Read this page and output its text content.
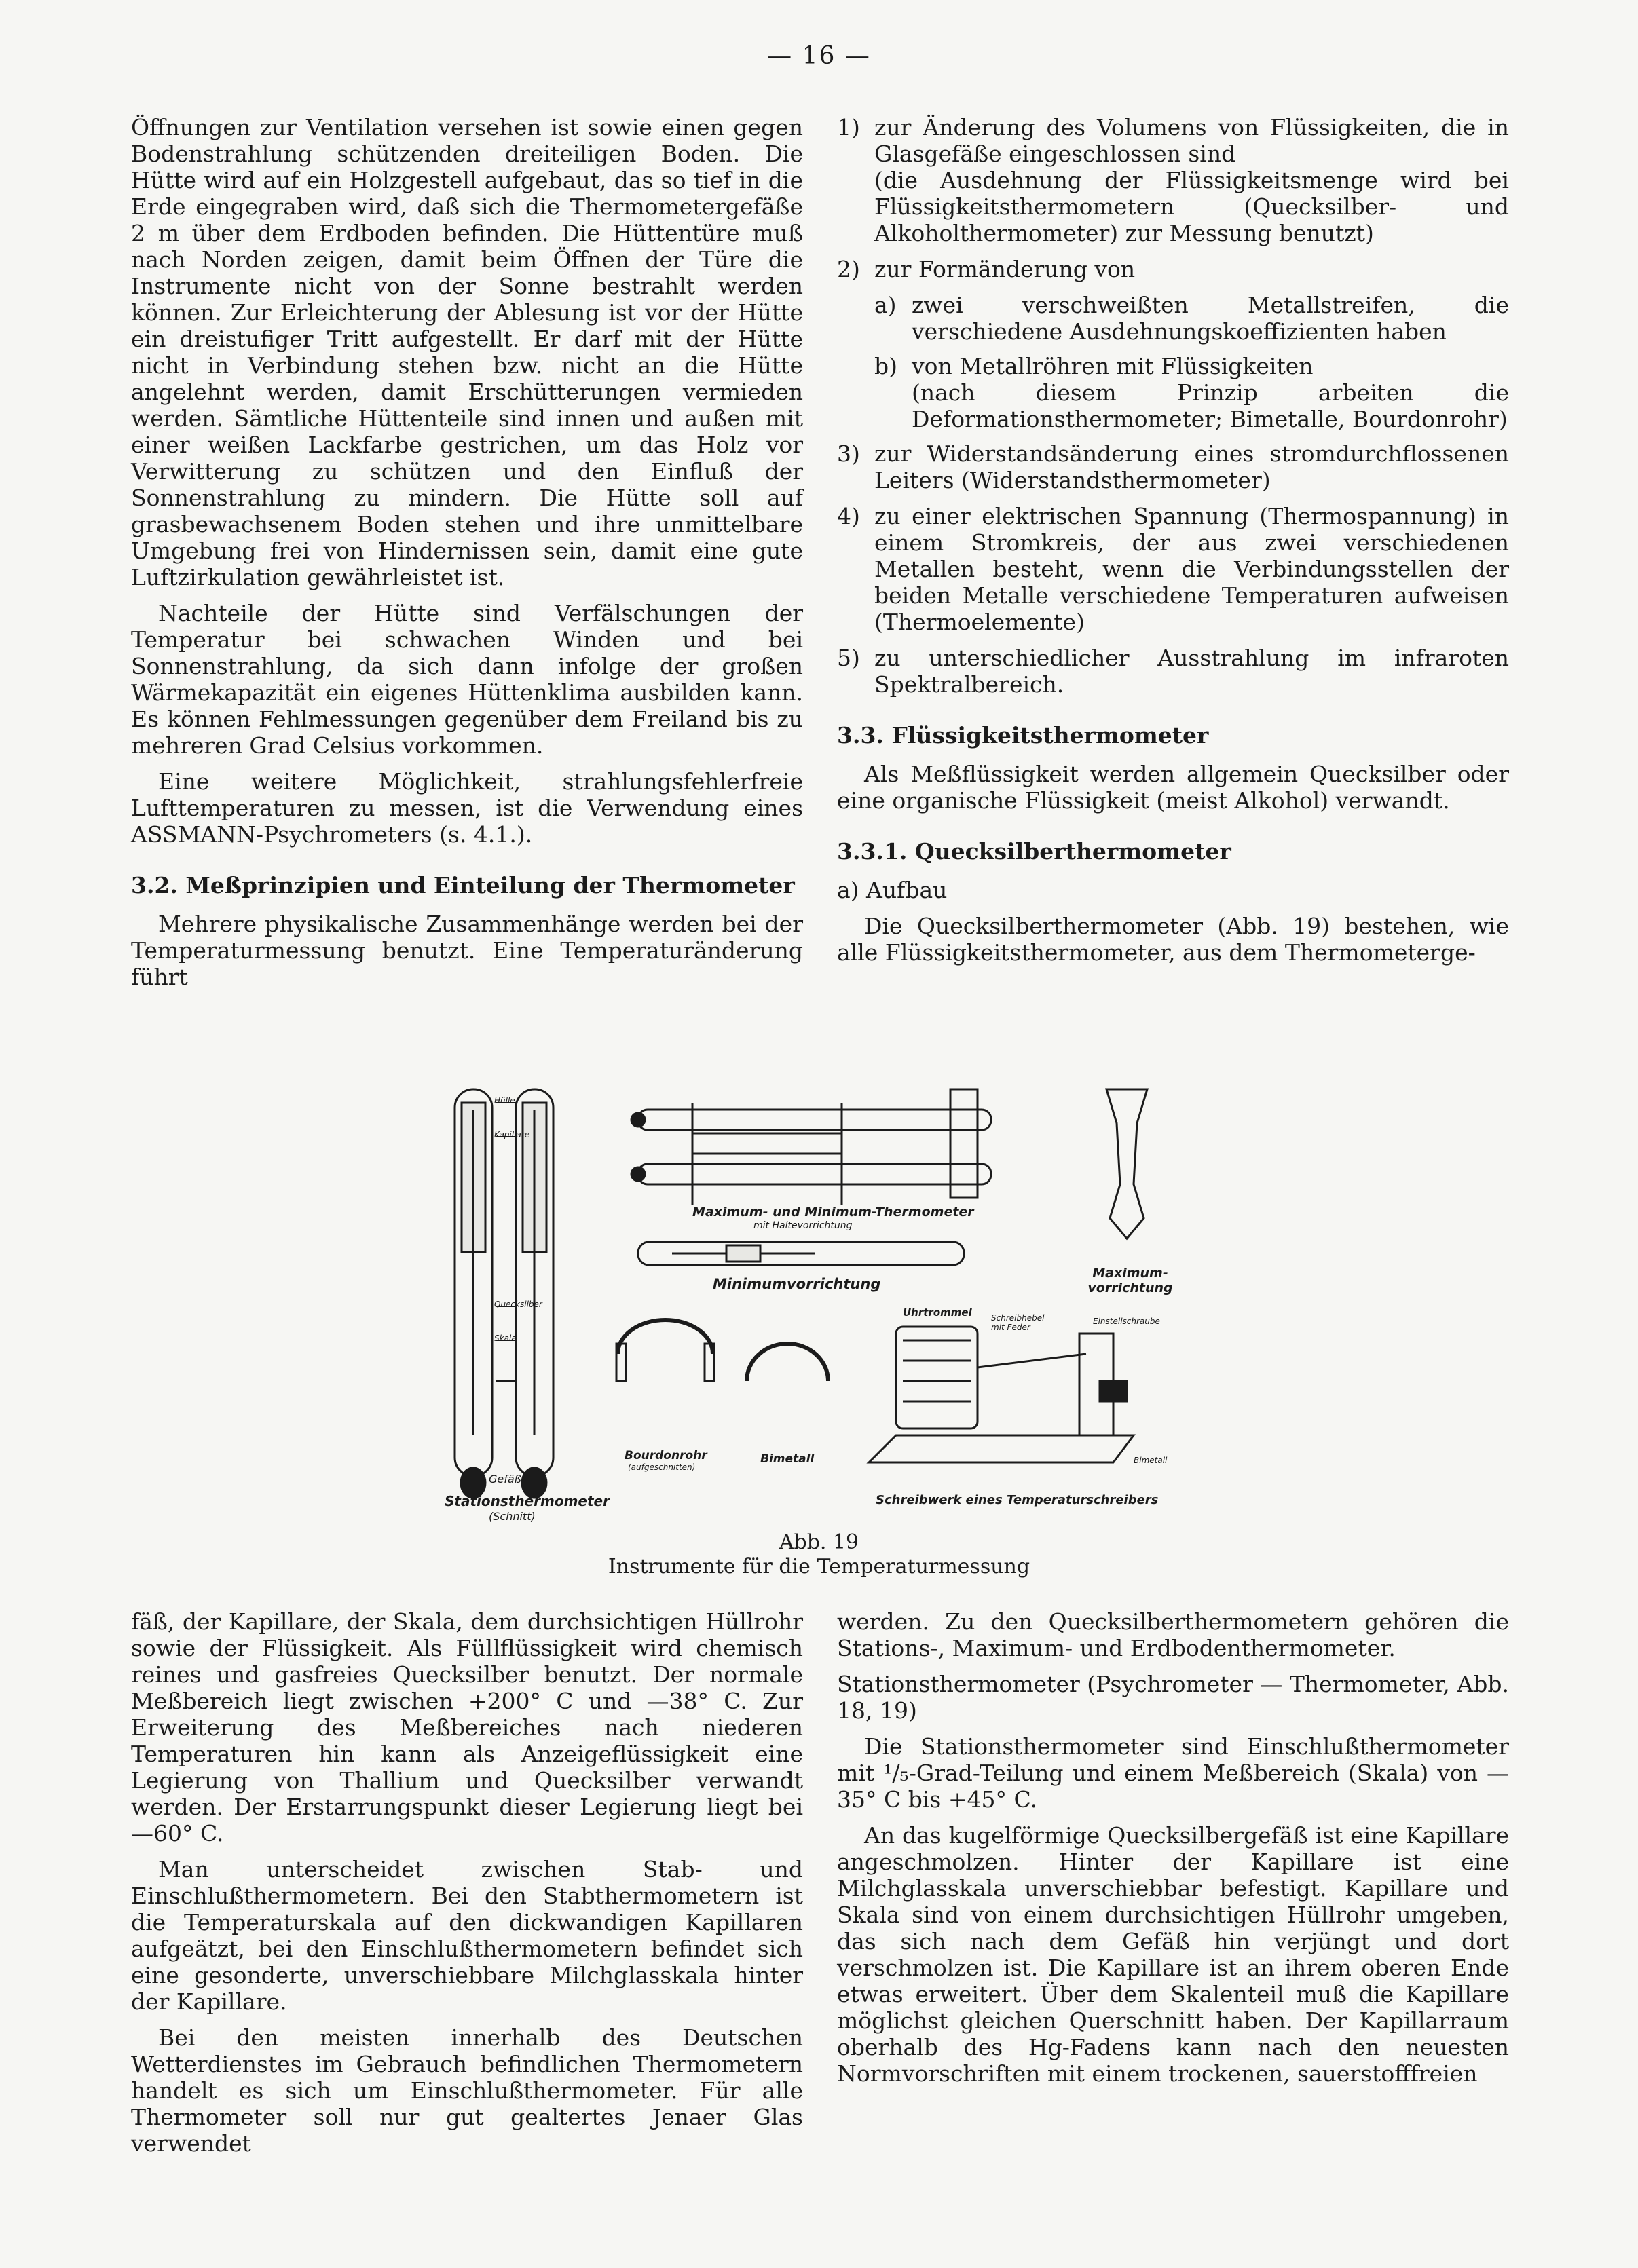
— 16 —

Öffnungen zur Ventilation versehen ist sowie einen gegen Bodenstrahlung schützenden dreiteiligen Boden. Die Hütte wird auf ein Holzgestell aufgebaut, das so tief in die Erde eingegraben wird, daß sich die Thermometergefäße 2 m über dem Erdboden befinden. Die Hüttentüre muß nach Norden zeigen, damit beim Öffnen der Türe die Instrumente nicht von der Sonne bestrahlt werden können. Zur Erleichterung der Ablesung ist vor der Hütte ein dreistufiger Tritt aufgestellt. Er darf mit der Hütte nicht in Verbindung stehen bzw. nicht an die Hütte angelehnt werden, damit Erschütterungen vermieden werden. Sämtliche Hüttenteile sind innen und außen mit einer weißen Lackfarbe gestrichen, um das Holz vor Verwitterung zu schützen und den Einfluß der Sonnenstrahlung zu mindern. Die Hütte soll auf grasbewachsenem Boden stehen und ihre unmittelbare Umgebung frei von Hindernissen sein, damit eine gute Luftzirkulation gewährleistet ist.

Nachteile der Hütte sind Verfälschungen der Temperatur bei schwachen Winden und bei Sonnenstrahlung, da sich dann infolge der großen Wärmekapazität ein eigenes Hüttenklima ausbilden kann. Es können Fehlmessungen gegenüber dem Freiland bis zu mehreren Grad Celsius vorkommen.

Eine weitere Möglichkeit, strahlungsfehlerfreie Lufttemperaturen zu messen, ist die Verwendung eines ASSMANN-Psychrometers (s. 4.1.).

3.2. Meßprinzipien und Einteilung der Thermometer

Mehrere physikalische Zusammenhänge werden bei der Temperaturmessung benutzt. Eine Temperaturänderung führt

1) zur Änderung des Volumens von Flüssigkeiten, die in Glasgefäße eingeschlossen sind
(die Ausdehnung der Flüssigkeitsmenge wird bei Flüssigkeitsthermometern (Quecksilber- und Alkoholthermometer) zur Messung benutzt)
2) zur Formänderung von
a) zwei verschweißten Metallstreifen, die verschiedene Ausdehnungskoeffizienten haben
b) von Metallröhren mit Flüssigkeiten
(nach diesem Prinzip arbeiten die Deformationsthermometer; Bimetalle, Bourdonrohr)
3) zur Widerstandsänderung eines stromdurchflossenen Leiters (Widerstandsthermometer)
4) zu einer elektrischen Spannung (Thermospannung) in einem Stromkreis, der aus zwei verschiedenen Metallen besteht, wenn die Verbindungsstellen der beiden Metalle verschiedene Temperaturen aufweisen (Thermoelemente)
5) zu unterschiedlicher Ausstrahlung im infraroten Spektralbereich.
3.3. Flüssigkeitsthermometer

Als Meßflüssigkeit werden allgemein Quecksilber oder eine organische Flüssigkeit (meist Alkohol) verwandt.

3.3.1. Quecksilberthermometer

a) Aufbau

Die Quecksilberthermometer (Abb. 19) bestehen, wie alle Flüssigkeitsthermometer, aus dem Thermometerge-

Stationsthermometer
(Schnitt)
Gefäß
Hülle
Kapillare
Quecksilber
Skala
Maximum- und Minimum-Thermometer
mit Haltevorrichtung
Minimumvorrichtung
Maximum-vorrichtung
Bourdonrohr
(aufgeschnitten)
Bimetall
Uhrtrommel Schreibhebel mit Feder
Einstellschraube
Bimetall
Schreibwerk eines Temperaturschreibers
Abb. 19
Instrumente für die Temperaturmessung

fäß, der Kapillare, der Skala, dem durchsichtigen Hüllrohr sowie der Flüssigkeit. Als Füllflüssigkeit wird chemisch reines und gasfreies Quecksilber benutzt. Der normale Meßbereich liegt zwischen +200° C und —38° C. Zur Erweiterung des Meßbereiches nach niederen Temperaturen hin kann als Anzeigeflüssigkeit eine Legierung von Thallium und Quecksilber verwandt werden. Der Erstarrungspunkt dieser Legierung liegt bei —60° C.

Man unterscheidet zwischen Stab- und Einschlußthermometern. Bei den Stabthermometern ist die Temperaturskala auf den dickwandigen Kapillaren aufgeätzt, bei den Einschlußthermometern befindet sich eine gesonderte, unverschiebbare Milchglasskala hinter der Kapillare.

Bei den meisten innerhalb des Deutschen Wetterdienstes im Gebrauch befindlichen Thermometern handelt es sich um Einschlußthermometer. Für alle Thermometer soll nur gut gealtertes Jenaer Glas verwendet

werden. Zu den Quecksilberthermometern gehören die Stations-, Maximum- und Erdbodenthermometer.

Stationsthermometer (Psychrometer — Thermometer, Abb. 18, 19)

Die Stationsthermometer sind Einschlußthermometer mit ¹/₅-Grad-Teilung und einem Meßbereich (Skala) von —35° C bis +45° C.

An das kugelförmige Quecksilbergefäß ist eine Kapillare angeschmolzen. Hinter der Kapillare ist eine Milchglasskala unverschiebbar befestigt. Kapillare und Skala sind von einem durchsichtigen Hüllrohr umgeben, das sich nach dem Gefäß hin verjüngt und dort verschmolzen ist. Die Kapillare ist an ihrem oberen Ende etwas erweitert. Über dem Skalenteil muß die Kapillare möglichst gleichen Querschnitt haben. Der Kapillarraum oberhalb des Hg-Fadens kann nach den neuesten Normvorschriften mit einem trockenen, sauerstofffreien
